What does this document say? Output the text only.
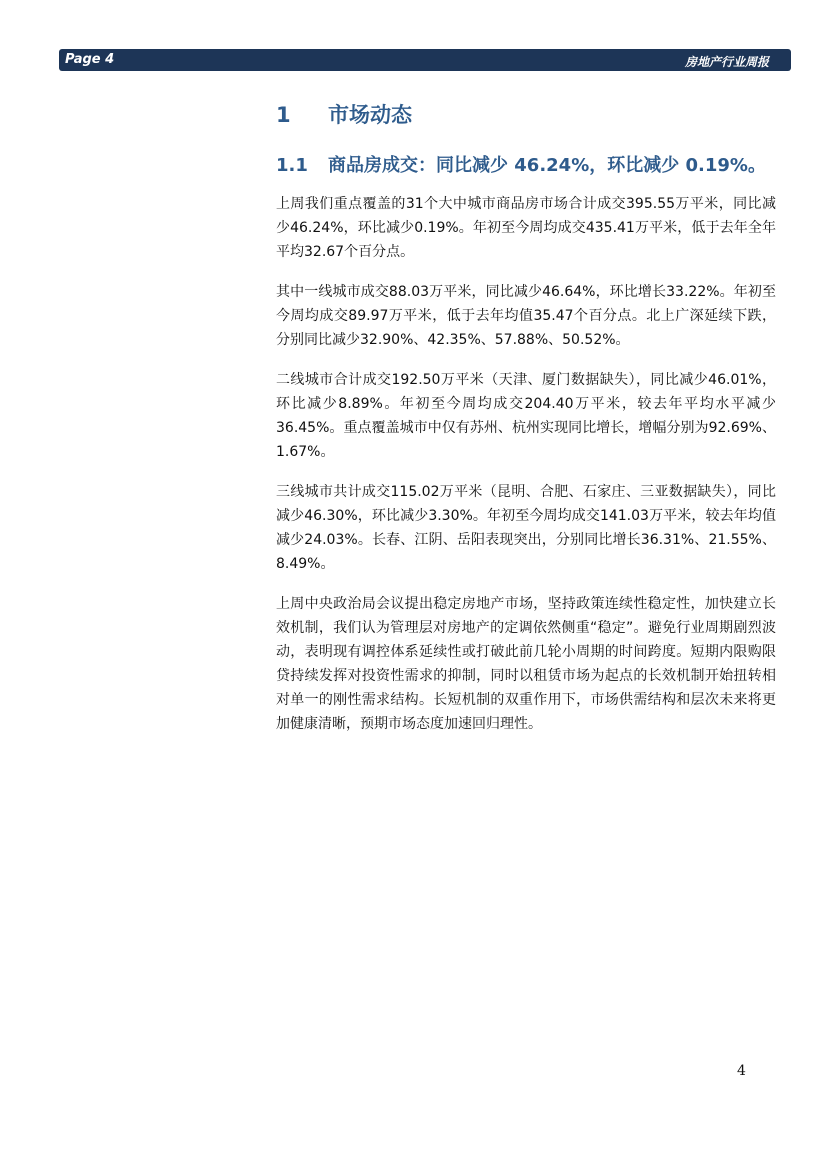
Page 4	房地产行业周报
1	市场动态
1.1	商品房成交：同比减少 46.24%，环比减少 0.19%。

上周我们重点覆盖的31个大中城市商品房市场合计成交395.55万平米，同比减少46.24%，环比减少0.19%。年初至今周均成交435.41万平米，低于去年全年平均32.67个百分点。

其中一线城市成交88.03万平米，同比减少46.64%，环比增长33.22%。年初至今周均成交89.97万平米，低于去年均值35.47个百分点。北上广深延续下跌，分别同比减少32.90%、42.35%、57.88%、50.52%。

二线城市合计成交192.50万平米（天津、厦门数据缺失），同比减少46.01%，环比减少8.89%。年初至今周均成交204.40万平米，较去年平均水平减少36.45%。重点覆盖城市中仅有苏州、杭州实现同比增长，增幅分别为92.69%、1.67%。

三线城市共计成交115.02万平米（昆明、合肥、石家庄、三亚数据缺失），同比减少46.30%，环比减少3.30%。年初至今周均成交141.03万平米，较去年均值减少24.03%。长春、江阴、岳阳表现突出，分别同比增长36.31%、21.55%、8.49%。

上周中央政治局会议提出稳定房地产市场，坚持政策连续性稳定性，加快建立长效机制，我们认为管理层对房地产的定调依然侧重“稳定”。避免行业周期剧烈波动，表明现有调控体系延续性或打破此前几轮小周期的时间跨度。短期内限购限贷持续发挥对投资性需求的抑制，同时以租赁市场为起点的长效机制开始扭转相对单一的刚性需求结构。长短机制的双重作用下，市场供需结构和层次未来将更加健康清晰，预期市场态度加速回归理性。

4
